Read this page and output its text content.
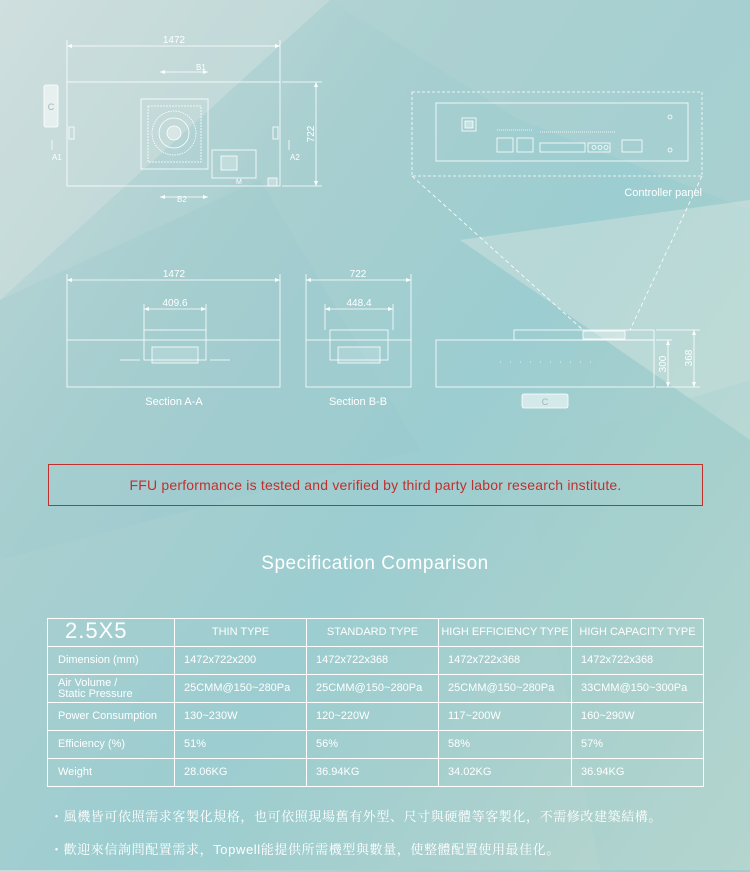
1472
B1
M
B2
A1	A2
C
722
Controller panel
1472
409.6
Section A-A
722
448.4
Section B-B
300 368
C
FFU performance is tested and verified by third party labor research institute.
Specification Comparison
2.5X5	THIN TYPE	STANDARD TYPE	HIGH EFFICIENCY TYPE	HIGH CAPACITY TYPE
Dimension (mm)	1472x722x200	1472x722x368	1472x722x368	1472x722x368
Air Volume /
Static Pressure	25CMM@150~280Pa	25CMM@150~280Pa	25CMM@150~280Pa	33CMM@150~300Pa
Power Consumption	130~230W	120~220W	117~200W	160~290W
Efficiency (%)	51%	56%	58%	57%
Weight	28.06KG	36.94KG	34.02KG	36.94KG
・風機皆可依照需求客製化規格，也可依照現場舊有外型、尺寸與硬體等客製化，不需修改建築結構。
・歡迎來信詢問配置需求，Topwell能提供所需機型與數量，使整體配置使用最佳化。
